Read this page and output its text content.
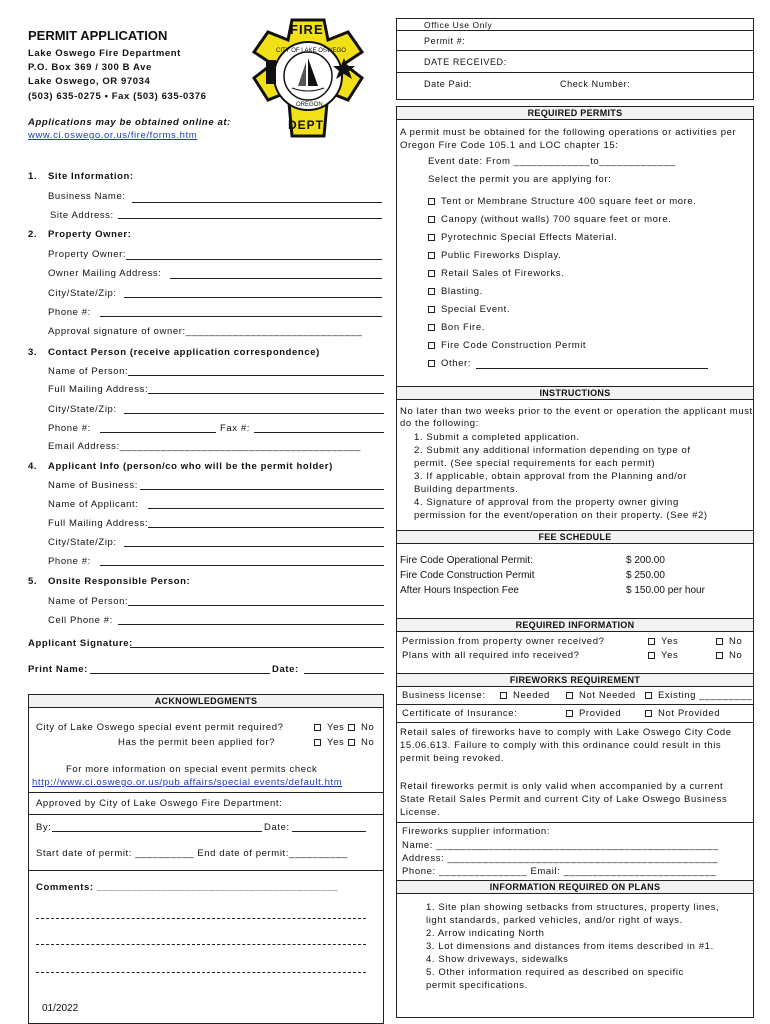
PERMIT APPLICATION
Lake Oswego Fire Department
P.O. Box 369 / 300 B Ave
Lake Oswego, OR 97034
(503) 635-0275 • Fax (503) 635-0376
Applications may be obtained online at:
www.ci.oswego.or.us/fire/forms.htm
FIRE
DEPT.
CITY OF LAKE OSWEGO
OREGON
Office Use Only
Permit #:
DATE RECEIVED:
Date Paid:	Check Number:
1.	Site Information:
Business Name:
Site Address:
2.	Property Owner:
Property Owner:
Owner Mailing Address:
City/State/Zip:
Phone #:
Approval signature of owner:______________________________
3.	Contact Person (receive application correspondence)
Name of Person:
Full Mailing Address:
City/State/Zip:
Phone #:	Fax #:
Email Address:_________________________________________
4.	Applicant Info (person/co who will be the permit holder)
Name of Business:
Name of Applicant:
Full Mailing Address:
City/State/Zip:
Phone #:
5.	Onsite Responsible Person:
Name of Person:
Cell Phone #:
Applicant Signature:
Print Name:	Date:
ACKNOWLEDGMENTS
City of Lake Oswego special event permit required?	Yes	No
Has the permit been applied for?	Yes	No
For more information on special event permits check
http://www.ci.oswego.or.us/pub affairs/special events/default.htm
Approved by City of Lake Oswego Fire Department:
By:	Date:
Start date of permit: __________ End date of permit:__________
Comments: _________________________________________
01/2022
REQUIRED PERMITS
A permit must be obtained for the following operations or activities per Oregon Fire Code 105.1 and LOC chapter 15:
Event date: From _____________to_____________
Select the permit you are applying for:
Tent or Membrane Structure 400 square feet or more.
Canopy (without walls) 700 square feet or more.
Pyrotechnic Special Effects Material.
Public Fireworks Display.
Retail Sales of Fireworks.
Blasting.
Special Event.
Bon Fire.
Fire Code Construction Permit
Other:
INSTRUCTIONS
No later than two weeks prior to the event or operation the applicant must do the following:
1. Submit a completed application.
2. Submit any additional information depending on type of
permit. (See special requirements for each permit)
3. If applicable, obtain approval from the Planning and/or
Building departments.
4. Signature of approval from the property owner giving
permission for the event/operation on their property. (See #2)
FEE SCHEDULE
Fire Code Operational Permit:	$ 200.00
Fire Code Construction Permit	$ 250.00
After Hours Inspection Fee	$ 150.00 per hour
REQUIRED INFORMATION
Permission from property owner received?	Yes	No
Plans with all required info received?	Yes	No
FIREWORKS REQUIREMENT
Business license:	Needed	Not Needed	Existing _________
Certificate of Insurance:	Provided	Not Provided
Retail sales of fireworks have to comply with Lake Oswego City Code 15.06.613. Failure to comply with this ordinance could result in this permit being revoked.
Retail fireworks permit is only valid when accompanied by a current State Retail Sales Permit and current City of Lake Oswego Business License.
Fireworks supplier information:
Name: ________________________________________________
Address: ______________________________________________
Phone: _______________ Email: __________________________
INFORMATION REQUIRED ON PLANS
1. Site plan showing setbacks from structures, property lines,
light standards, parked vehicles, and/or right of ways.
2. Arrow indicating North
3. Lot dimensions and distances from items described in #1.
4. Show driveways, sidewalks
5. Other information required as described on specific
permit specifications.
